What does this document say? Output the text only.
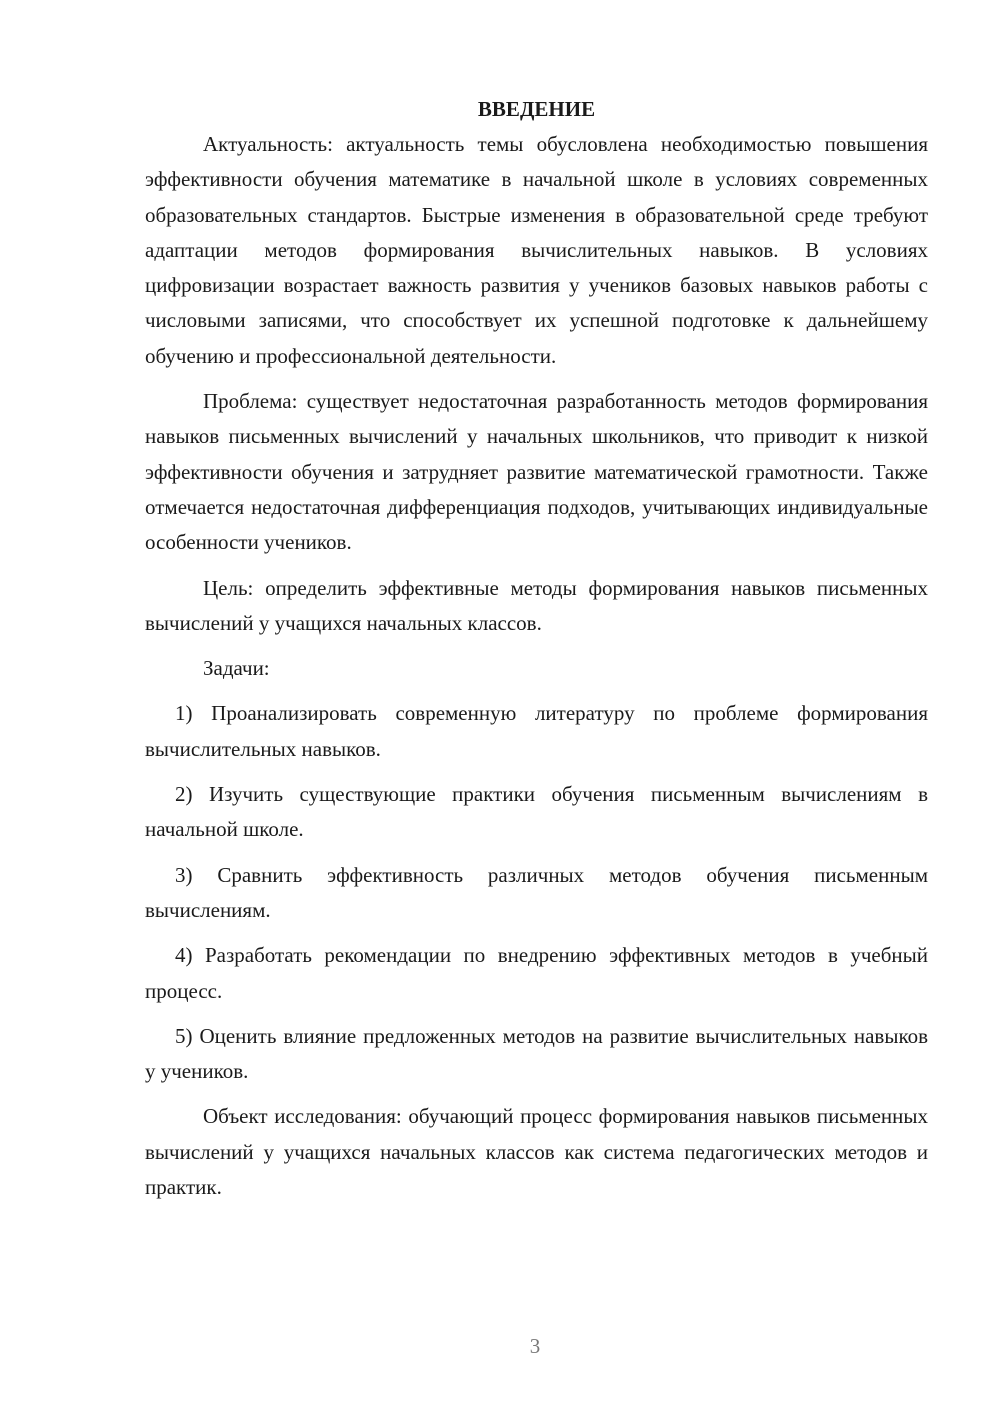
ВВЕДЕНИЕ

Актуальность: актуальность темы обусловлена необходимостью повышения эффективности обучения математике в начальной школе в условиях современных образовательных стандартов. Быстрые изменения в образовательной среде требуют адаптации методов формирования вычислительных навыков. В условиях цифровизации возрастает важность развития у учеников базовых навыков работы с числовыми записями, что способствует их успешной подготовке к дальнейшему обучению и профессиональной деятельности.

Проблема: существует недостаточная разработанность методов формирования навыков письменных вычислений у начальных школьников, что приводит к низкой эффективности обучения и затрудняет развитие математической грамотности. Также отмечается недостаточная дифференциация подходов, учитывающих индивидуальные особенности учеников.

Цель: определить эффективные методы формирования навыков письменных вычислений у учащихся начальных классов.

Задачи:

1) Проанализировать современную литературу по проблеме формирования вычислительных навыков.

2) Изучить существующие практики обучения письменным вычислениям в начальной школе.

3) Сравнить эффективность различных методов обучения письменным вычислениям.

4) Разработать рекомендации по внедрению эффективных методов в учебный процесс.

5) Оценить влияние предложенных методов на развитие вычислительных навыков у учеников.

Объект исследования: обучающий процесс формирования навыков письменных вычислений у учащихся начальных классов как система педагогических методов и практик.

3
